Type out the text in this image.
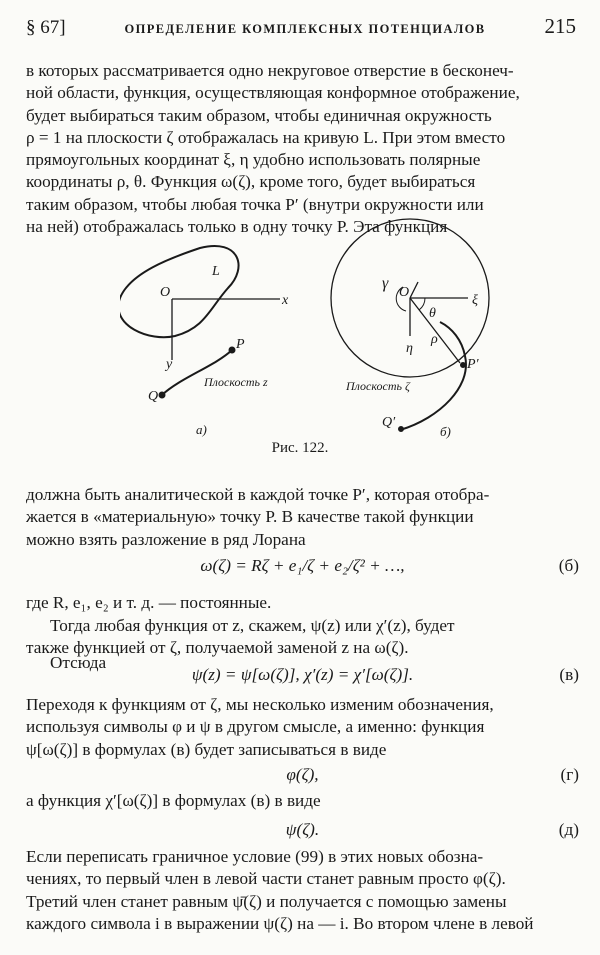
§ 67]	ОПРЕДЕЛЕНИЕ КОМПЛЕКСНЫХ ПОТЕНЦИАЛОВ	215

в которых рассматривается одно некруговое отверстие в бесконеч-
ной области, функция, осуществляющая конформное отображение,
будет выбираться таким образом, чтобы единичная окружность
ρ = 1 на плоскости ζ отображалась на кривую L. При этом вместо
прямоугольных координат ξ, η удобно использовать полярные
координаты ρ, θ. Функция ω(ζ), кроме того, будет выбираться
таким образом, чтобы любая точка P′ (внутри окружности или
на ней) отображалась только в одну точку P. Эта функция

L
O
x
y
P
Q
Плоскость z
а)
γ
O
ξ
η
θ
ρ
P′
Q′
Плоскость ζ
б)
Рис. 122.

должна быть аналитической в каждой точке P′, которая отобра-
жается в «материальную» точку P. В качестве такой функции
можно взять разложение в ряд Лорана

ω(ζ) = Rζ + e₁/ζ + e₂/ζ² + …,	(б)

где R, e₁, e₂ и т. д. — постоянные.

Тогда любая функция от z, скажем, ψ(z) или χ′(z), будет
также функцией от ζ, получаемой заменой z на ω(ζ).

Отсюда

ψ(z) = ψ[ω(ζ)], χ′(z) = χ′[ω(ζ)].	(в)

Переходя к функциям от ζ, мы несколько изменим обозначения,
используя символы φ и ψ в другом смысле, а именно: функция
ψ[ω(ζ)] в формулах (в) будет записываться в виде

φ(ζ),	(г)

а функция χ′[ω(ζ)] в формулах (в) в виде

ψ(ζ).	(д)

Если переписать граничное условие (99) в этих новых обозна-
чениях, то первый член в левой части станет равным просто φ(ζ).
Третий член станет равным ψ̄(ζ) и получается с помощью замены
каждого символа i в выражении ψ(ζ) на — i. Во втором члене в левой
